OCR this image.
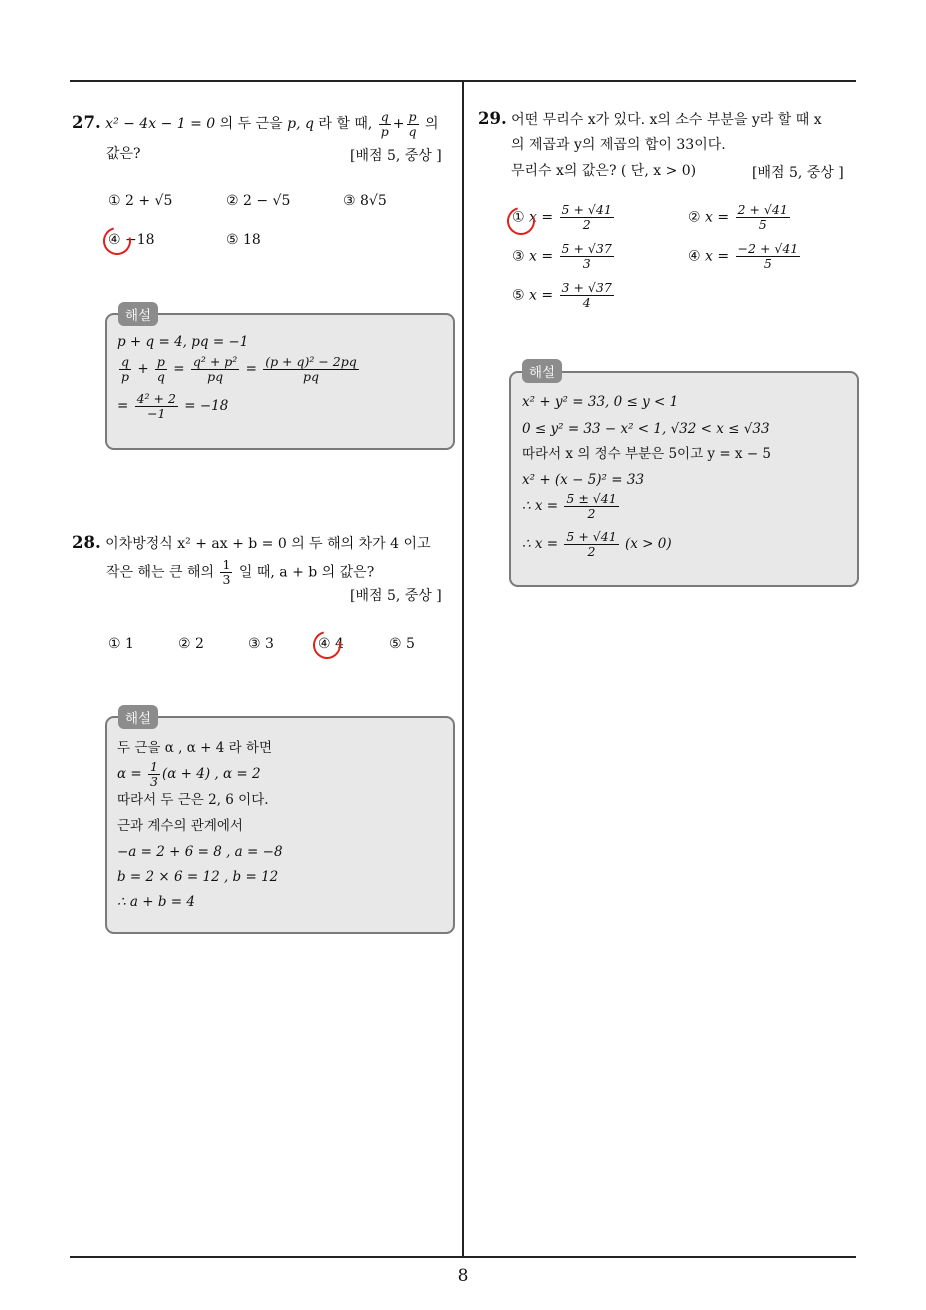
8
27. x² − 4x − 1 = 0 의 두 근을 p, q 라 할 때, $\frac{q}{p} + \frac{p}{q}$ 의
값은?	[배점 5, 중상 ]
① 2 + √5	② 2 − √5	③ 8√5
④ −18	⑤ 18
해설
p + q = 4, pq = −1
$\frac{q}{p} + \frac{p}{q} = \frac{\text{q² + p²}}{pq} = \frac{\text{(p + q)² − 2pq}}{pq}$
= $\frac{\text{4² + 2}}{-1} = -18$
28. 이차방정식 x² + ax + b = 0 의 두 해의 차가 4 이고
작은 해는 큰 해의 $\frac{1}{3}$ 일 때, a + b 의 값은?
[배점 5, 중상 ]
① 1	② 2	③ 3	④ 4	⑤ 5
해설
두 근을 α , α + 4 라 하면
$\alpha = \frac{1}{3} (\alpha + 4)$ , α = 2
따라서 두 근은 2, 6 이다.
근과 계수의 관계에서
−a = 2 + 6 = 8 , a = −8
b = 2 × 6 = 12 , b = 12
∴ a + b = 4
29. 어떤 무리수 x가 있다. x의 소수 부분을 y라 할 때 x
의 제곱과 y의 제곱의 합이 33이다.
무리수 x의 값은? ( 단, x > 0)	[배점 5, 중상 ]
① $x = \frac{5 + √41}{2}$	② $x = \frac{2 + √41}{5}$
③ $x = \frac{5 + √37}{3}$	④ $x = \frac{-2 + √41}{5}$
⑤ $x = \frac{3 + √37}{4}$
해설
x² + y² = 33, 0 ≤ y < 1
0 ≤ y² = 33 − x² < 1, √32 < x ≤ √33
따라서 x 의 정수 부분은 5이고 y = x − 5
x² + (x − 5)² = 33
∴ $x = \frac{5 \pm √41}{2}$
∴ $x = \frac{5 + √41}{2} (x > 0)$
